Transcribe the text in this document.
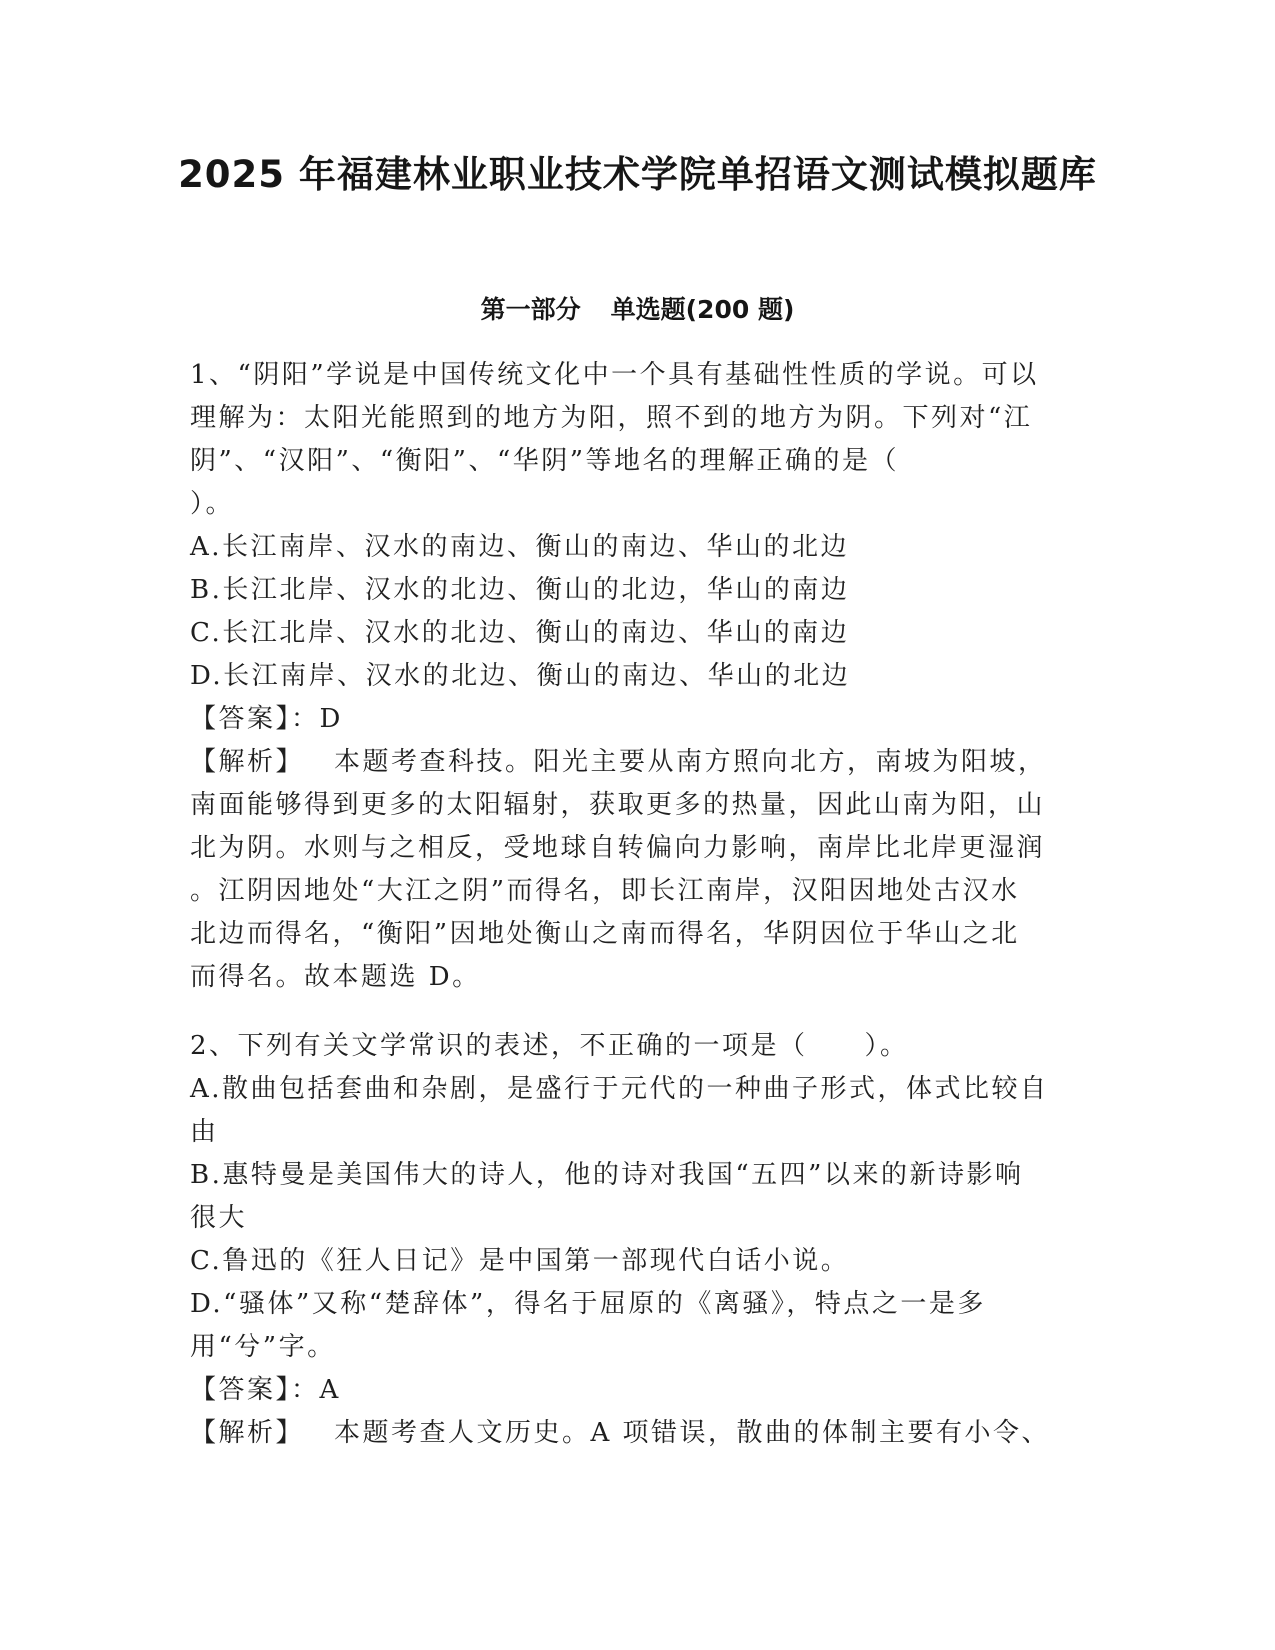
2025 年福建林业职业技术学院单招语文测试模拟题库
第一部分 单选题(200 题)

1、“阴阳”学说是中国传统文化中一个具有基础性性质的学说。可以

理解为：太阳光能照到的地方为阳，照不到的地方为阴。下列对“江

阴”、“汉阳”、“衡阳”、“华阴”等地名的理解正确的是（

）。

A.长江南岸、汉水的南边、衡山的南边、华山的北边

B.长江北岸、汉水的北边、衡山的北边，华山的南边

C.长江北岸、汉水的北边、衡山的南边、华山的南边

D.长江南岸、汉水的北边、衡山的南边、华山的北边

【答案】：D

【解析】 本题考查科技。阳光主要从南方照向北方，南坡为阳坡，

南面能够得到更多的太阳辐射，获取更多的热量，因此山南为阳，山

北为阴。水则与之相反，受地球自转偏向力影响，南岸比北岸更湿润

。江阴因地处“大江之阴”而得名，即长江南岸，汉阳因地处古汉水

北边而得名，“衡阳”因地处衡山之南而得名，华阴因位于华山之北

而得名。故本题选 D。

2、下列有关文学常识的表述，不正确的一项是（　　）。

A.散曲包括套曲和杂剧，是盛行于元代的一种曲子形式，体式比较自

由

B.惠特曼是美国伟大的诗人，他的诗对我国“五四”以来的新诗影响

很大

C.鲁迅的《狂人日记》是中国第一部现代白话小说。

D.“骚体”又称“楚辞体”，得名于屈原的《离骚》，特点之一是多

用“兮”字。

【答案】：A

【解析】 本题考查人文历史。A 项错误，散曲的体制主要有小令、
